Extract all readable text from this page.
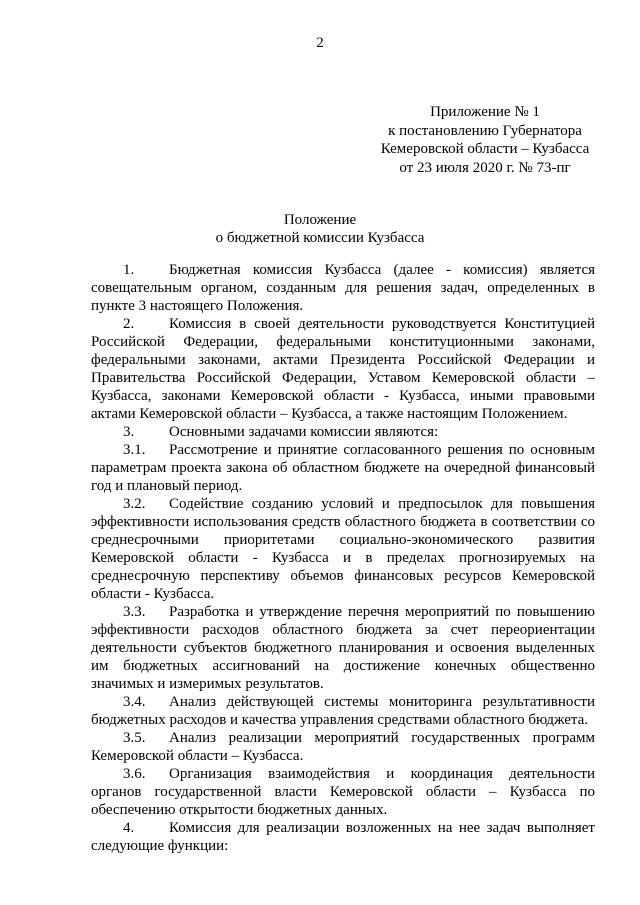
2
Приложение № 1
к постановлению Губернатора
Кемеровской области – Кузбасса
от 23 июля 2020 г. № 73-пг
Положение
о бюджетной комиссии Кузбасса

1. Бюджетная комиссия Кузбасса (далее - комиссия) является совещательным органом, созданным для решения задач, определенных в пункте 3 настоящего Положения.

2. Комиссия в своей деятельности руководствуется Конституцией Российской Федерации, федеральными конституционными законами, федеральными законами, актами Президента Российской Федерации и Правительства Российской Федерации, Уставом Кемеровской области – Кузбасса, законами Кемеровской области - Кузбасса, иными правовыми актами Кемеровской области – Кузбасса, а также настоящим Положением.

3. Основными задачами комиссии являются:

3.1. Рассмотрение и принятие согласованного решения по основным параметрам проекта закона об областном бюджете на очередной финансовый год и плановый период.

3.2. Содействие созданию условий и предпосылок для повышения эффективности использования средств областного бюджета в соответствии со среднесрочными приоритетами социально-экономического развития Кемеровской области - Кузбасса и в пределах прогнозируемых на среднесрочную перспективу объемов финансовых ресурсов Кемеровской области - Кузбасса.

3.3. Разработка и утверждение перечня мероприятий по повышению эффективности расходов областного бюджета за счет переориентации деятельности субъектов бюджетного планирования и освоения выделенных им бюджетных ассигнований на достижение конечных общественно значимых и измеримых результатов.

3.4. Анализ действующей системы мониторинга результативности бюджетных расходов и качества управления средствами областного бюджета.

3.5. Анализ реализации мероприятий государственных программ Кемеровской области – Кузбасса.

3.6. Организация взаимодействия и координация деятельности органов государственной власти Кемеровской области – Кузбасса по обеспечению открытости бюджетных данных.

4. Комиссия для реализации возложенных на нее задач выполняет следующие функции:
